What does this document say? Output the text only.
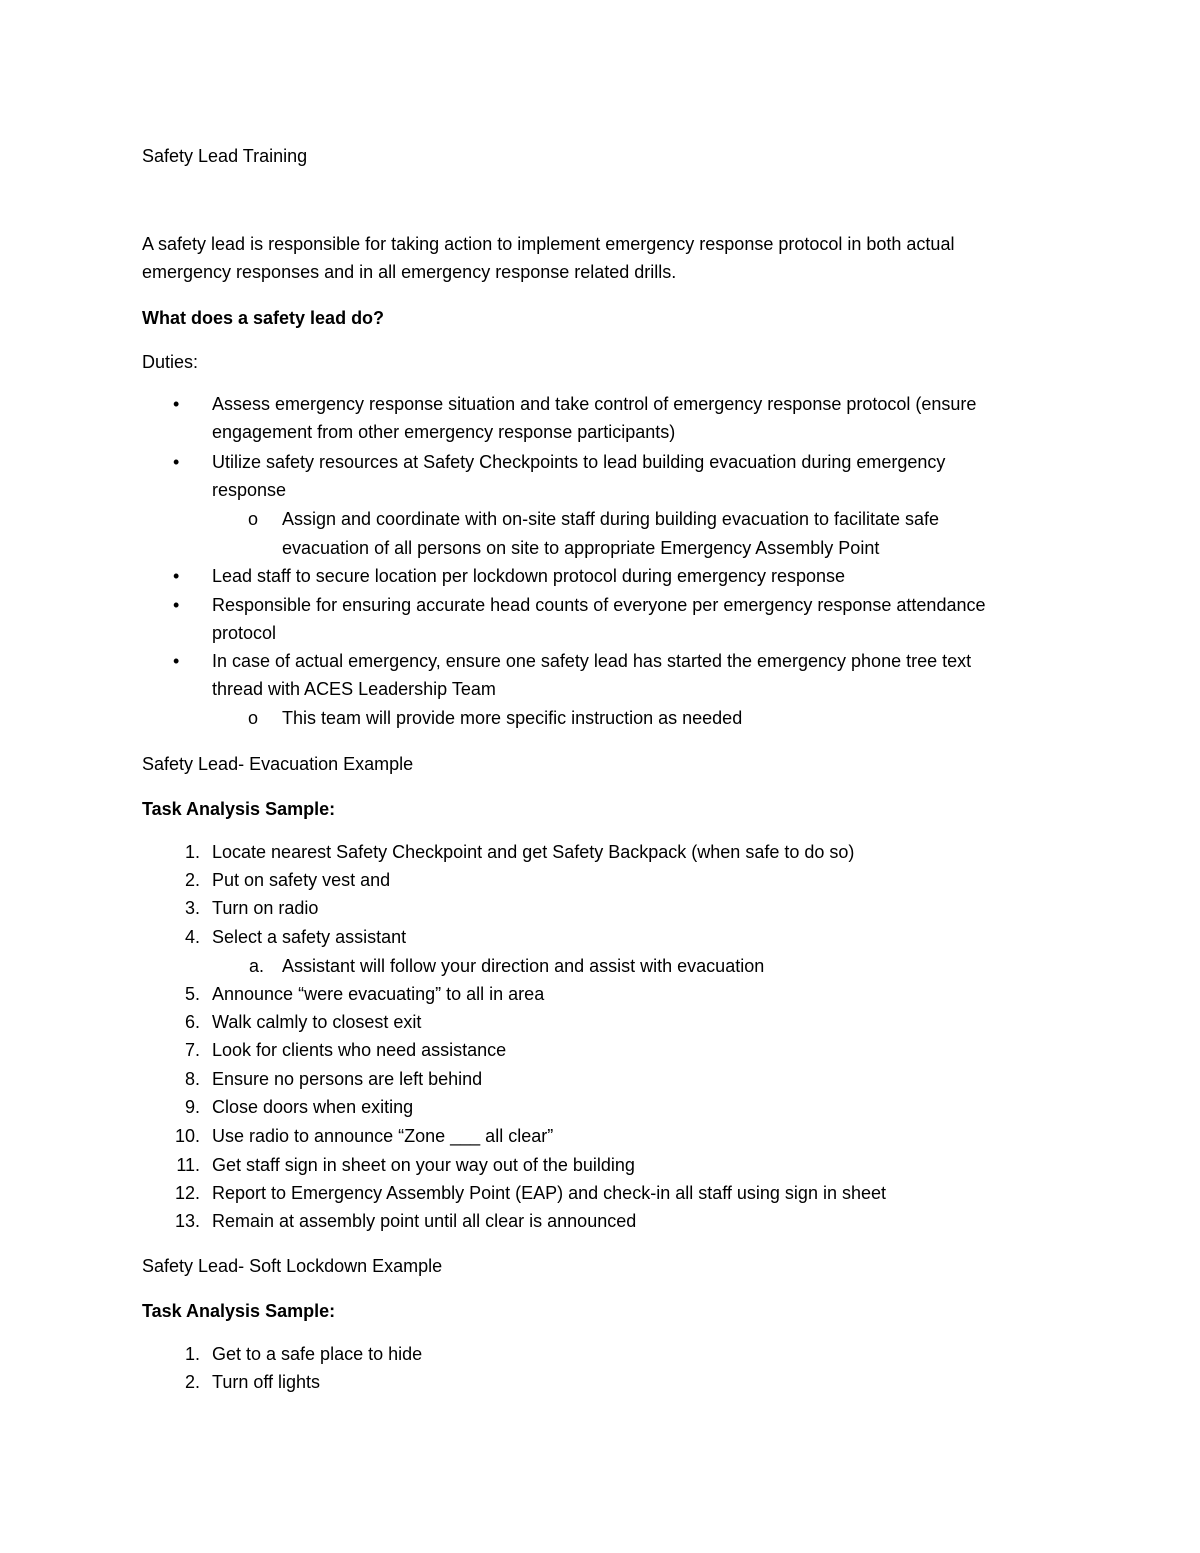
Safety Lead Training
A safety lead is responsible for taking action to implement emergency response protocol in both actual
emergency responses and in all emergency response related drills.
What does a safety lead do?
Duties:
• Assess emergency response situation and take control of emergency response protocol (ensure
engagement from other emergency response participants)
• Utilize safety resources at Safety Checkpoints to lead building evacuation during emergency
response
o Assign and coordinate with on-site staff during building evacuation to facilitate safe
evacuation of all persons on site to appropriate Emergency Assembly Point
• Lead staff to secure location per lockdown protocol during emergency response
• Responsible for ensuring accurate head counts of everyone per emergency response attendance
protocol
• In case of actual emergency, ensure one safety lead has started the emergency phone tree text
thread with ACES Leadership Team
o This team will provide more specific instruction as needed
Safety Lead- Evacuation Example
Task Analysis Sample:
1. Locate nearest Safety Checkpoint and get Safety Backpack (when safe to do so)
2. Put on safety vest and
3. Turn on radio
4. Select a safety assistant
a. Assistant will follow your direction and assist with evacuation
5. Announce “were evacuating” to all in area
6. Walk calmly to closest exit
7. Look for clients who need assistance
8. Ensure no persons are left behind
9. Close doors when exiting
10. Use radio to announce “Zone ___ all clear”
11. Get staff sign in sheet on your way out of the building
12. Report to Emergency Assembly Point (EAP) and check-in all staff using sign in sheet
13. Remain at assembly point until all clear is announced
Safety Lead- Soft Lockdown Example
Task Analysis Sample:
1. Get to a safe place to hide
2. Turn off lights
